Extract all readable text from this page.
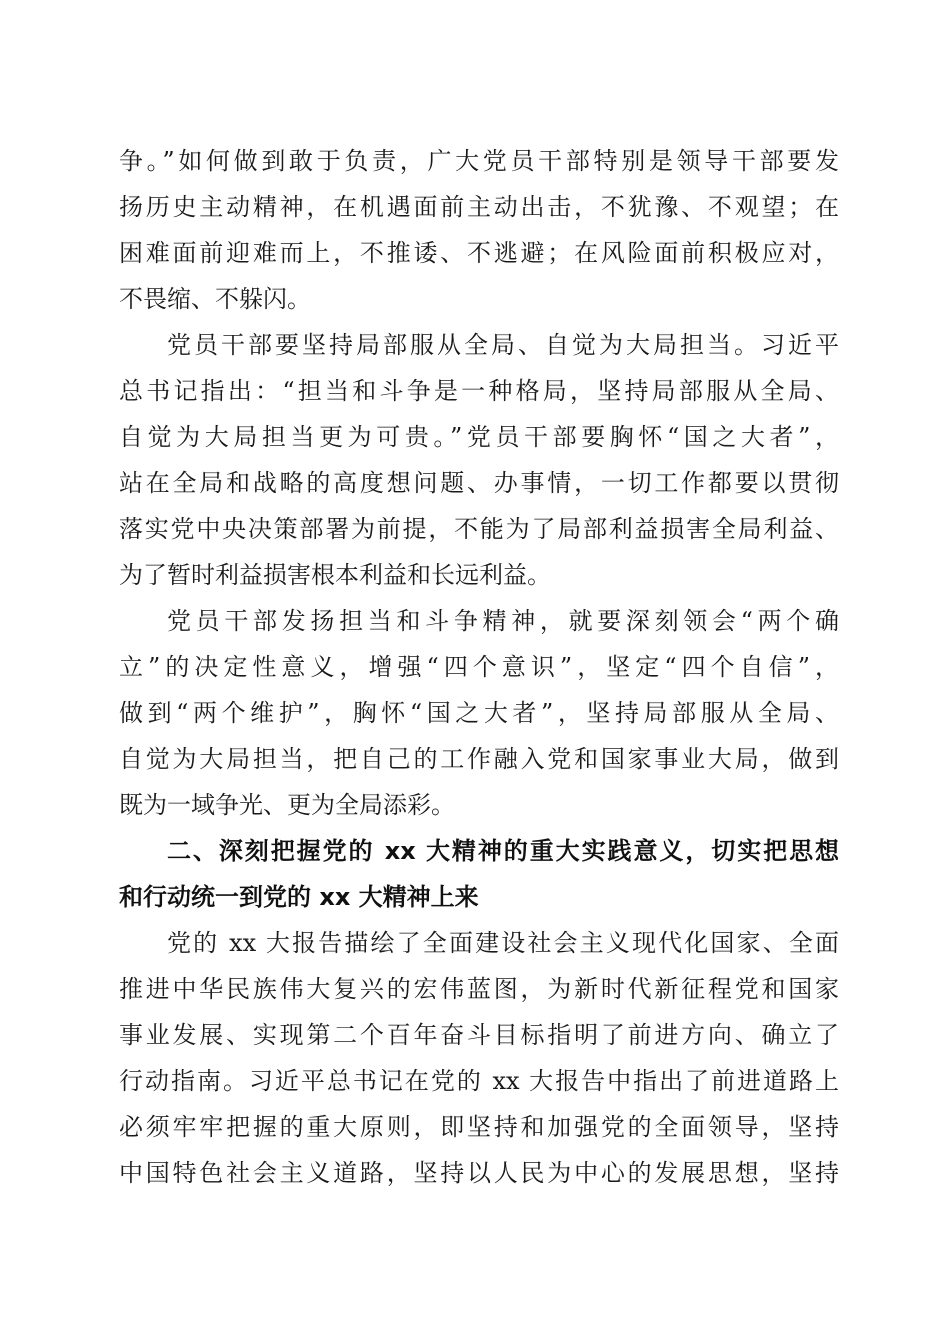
争。”如何做到敢于负责，广大党员干部特别是领导干部要发
扬历史主动精神，在机遇面前主动出击，不犹豫、不观望；在
困难面前迎难而上，不推诿、不逃避；在风险面前积极应对，
不畏缩、不躲闪。
党员干部要坚持局部服从全局、自觉为大局担当。习近平
总书记指出：“担当和斗争是一种格局，坚持局部服从全局、
自觉为大局担当更为可贵。”党员干部要胸怀“国之大者”，
站在全局和战略的高度想问题、办事情，一切工作都要以贯彻
落实党中央决策部署为前提，不能为了局部利益损害全局利益、
为了暂时利益损害根本利益和长远利益。
党员干部发扬担当和斗争精神，就要深刻领会“两个确
立”的决定性意义，增强“四个意识”，坚定“四个自信”，
做到“两个维护”，胸怀“国之大者”，坚持局部服从全局、
自觉为大局担当，把自己的工作融入党和国家事业大局，做到
既为一域争光、更为全局添彩。
二、深刻把握党的 xx 大精神的重大实践意义，切实把思想
和行动统一到党的 xx 大精神上来
党的 xx 大报告描绘了全面建设社会主义现代化国家、全面
推进中华民族伟大复兴的宏伟蓝图，为新时代新征程党和国家
事业发展、实现第二个百年奋斗目标指明了前进方向、确立了
行动指南。习近平总书记在党的 xx 大报告中指出了前进道路上
必须牢牢把握的重大原则，即坚持和加强党的全面领导，坚持
中国特色社会主义道路，坚持以人民为中心的发展思想，坚持
